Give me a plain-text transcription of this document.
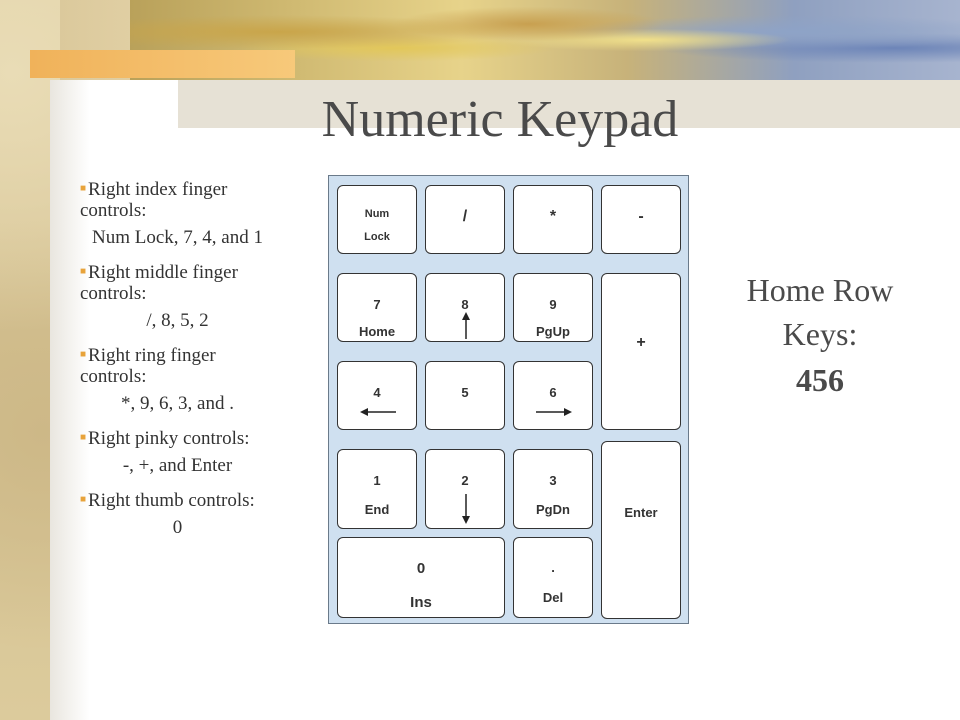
Numeric Keypad

■ Right index finger controls:

Num Lock, 7, 4, and 1

■ Right middle finger controls:

/, 8, 5, 2

■ Right ring finger controls:

*, 9, 6, 3, and .

■ Right pinky controls:

-, +, and Enter

■ Right thumb controls:

0

Num
Lock
/	*	-
7
Home
8	9
PgUp
+
4	5	6
1
End
2	3
PgDn	Enter
0
Ins
.
Del

Home Row Keys:

456
